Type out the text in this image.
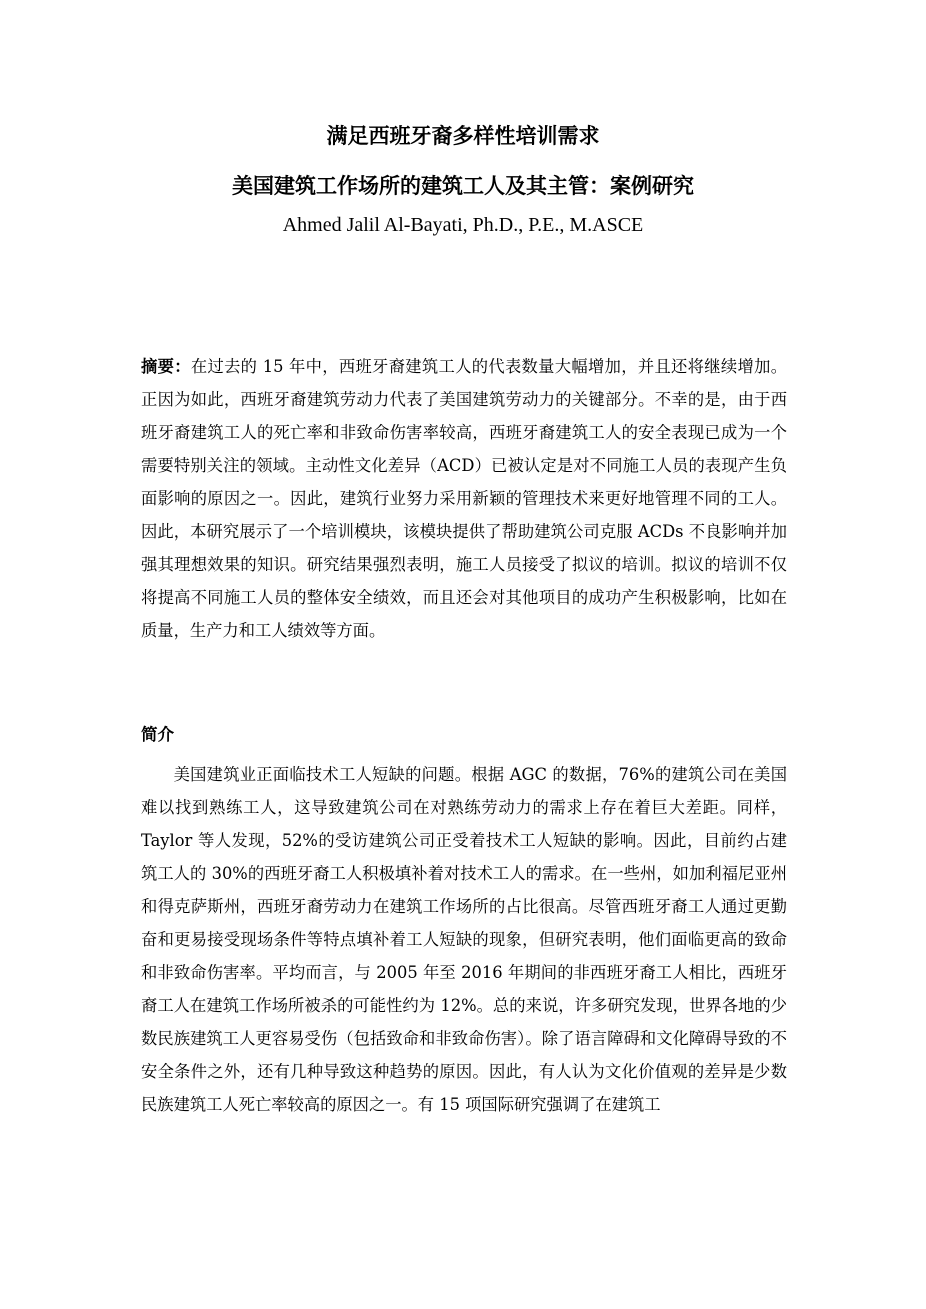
满足西班牙裔多样性培训需求
美国建筑工作场所的建筑工人及其主管：案例研究
Ahmed Jalil Al-Bayati, Ph.D., P.E., M.ASCE

摘要：在过去的 15 年中，西班牙裔建筑工人的代表数量大幅增加，并且还将继续增加。正因为如此，西班牙裔建筑劳动力代表了美国建筑劳动力的关键部分。不幸的是，由于西班牙裔建筑工人的死亡率和非致命伤害率较高，西班牙裔建筑工人的安全表现已成为一个需要特别关注的领域。主动性文化差异（ACD）已被认定是对不同施工人员的表现产生负面影响的原因之一。因此，建筑行业努力采用新颖的管理技术来更好地管理不同的工人。因此，本研究展示了一个培训模块，该模块提供了帮助建筑公司克服 ACDs 不良影响并加强其理想效果的知识。研究结果强烈表明，施工人员接受了拟议的培训。拟议的培训不仅将提高不同施工人员的整体安全绩效，而且还会对其他项目的成功产生积极影响，比如在质量，生产力和工人绩效等方面。

简介

美国建筑业正面临技术工人短缺的问题。根据 AGC 的数据，76%的建筑公司在美国难以找到熟练工人，这导致建筑公司在对熟练劳动力的需求上存在着巨大差距。同样，Taylor 等人发现，52%的受访建筑公司正受着技术工人短缺的影响。因此，目前约占建筑工人的 30%的西班牙裔工人积极填补着对技术工人的需求。在一些州，如加利福尼亚州和得克萨斯州，西班牙裔劳动力在建筑工作场所的占比很高。尽管西班牙裔工人通过更勤奋和更易接受现场条件等特点填补着工人短缺的现象，但研究表明，他们面临更高的致命和非致命伤害率。平均而言，与 2005 年至 2016 年期间的非西班牙裔工人相比，西班牙裔工人在建筑工作场所被杀的可能性约为 12%。总的来说，许多研究发现，世界各地的少数民族建筑工人更容易受伤（包括致命和非致命伤害）。除了语言障碍和文化障碍导致的不安全条件之外，还有几种导致这种趋势的原因。因此，有人认为文化价值观的差异是少数民族建筑工人死亡率较高的原因之一。有 15 项国际研究强调了在建筑工
